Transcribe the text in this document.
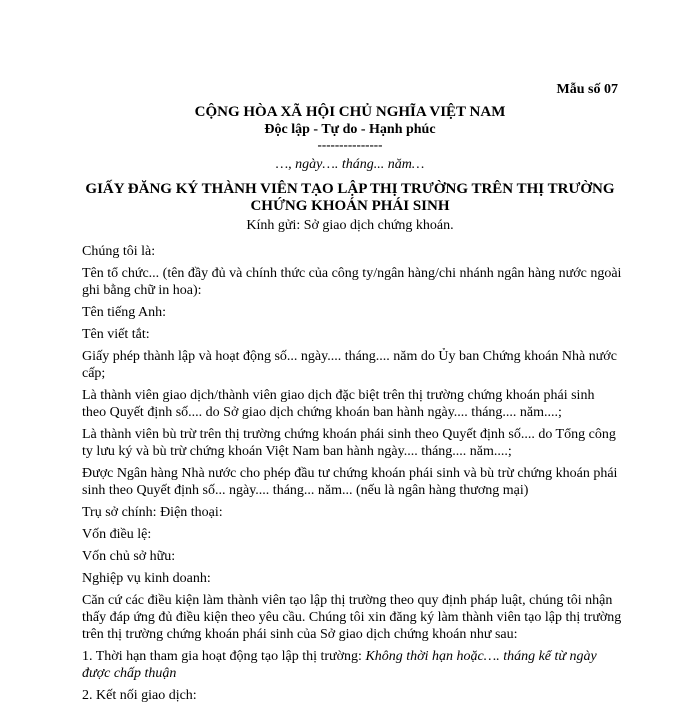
Mẫu số 07
CỘNG HÒA XÃ HỘI CHỦ NGHĨA VIỆT NAM
Độc lập - Tự do - Hạnh phúc
---------------
…, ngày…. tháng... năm…
GIẤY ĐĂNG KÝ THÀNH VIÊN TẠO LẬP THỊ TRƯỜNG TRÊN THỊ TRƯỜNG
CHỨNG KHOÁN PHÁI SINH
Kính gửi: Sở giao dịch chứng khoán.

Chúng tôi là:

Tên tổ chức... (tên đầy đủ và chính thức của công ty/ngân hàng/chi nhánh ngân hàng nước ngoài ghi bằng chữ in hoa):

Tên tiếng Anh:

Tên viết tắt:

Giấy phép thành lập và hoạt động số... ngày.... tháng.... năm do Ủy ban Chứng khoán Nhà nước cấp;

Là thành viên giao dịch/thành viên giao dịch đặc biệt trên thị trường chứng khoán phái sinh theo Quyết định số.... do Sở giao dịch chứng khoán ban hành ngày.... tháng.... năm....;

Là thành viên bù trừ trên thị trường chứng khoán phái sinh theo Quyết định số.... do Tổng công ty lưu ký và bù trừ chứng khoán Việt Nam ban hành ngày.... tháng.... năm....;

Được Ngân hàng Nhà nước cho phép đầu tư chứng khoán phái sinh và bù trừ chứng khoán phái sinh theo Quyết định số... ngày.... tháng... năm... (nếu là ngân hàng thương mại)

Trụ sở chính: Điện thoại:

Vốn điều lệ:

Vốn chủ sở hữu:

Nghiệp vụ kinh doanh:

Căn cứ các điều kiện làm thành viên tạo lập thị trường theo quy định pháp luật, chúng tôi nhận thấy đáp ứng đủ điều kiện theo yêu cầu. Chúng tôi xin đăng ký làm thành viên tạo lập thị trường trên thị trường chứng khoán phái sinh của Sở giao dịch chứng khoán như sau:

1. Thời hạn tham gia hoạt động tạo lập thị trường: Không thời hạn hoặc…. tháng kể từ ngày được chấp thuận

2. Kết nối giao dịch:
